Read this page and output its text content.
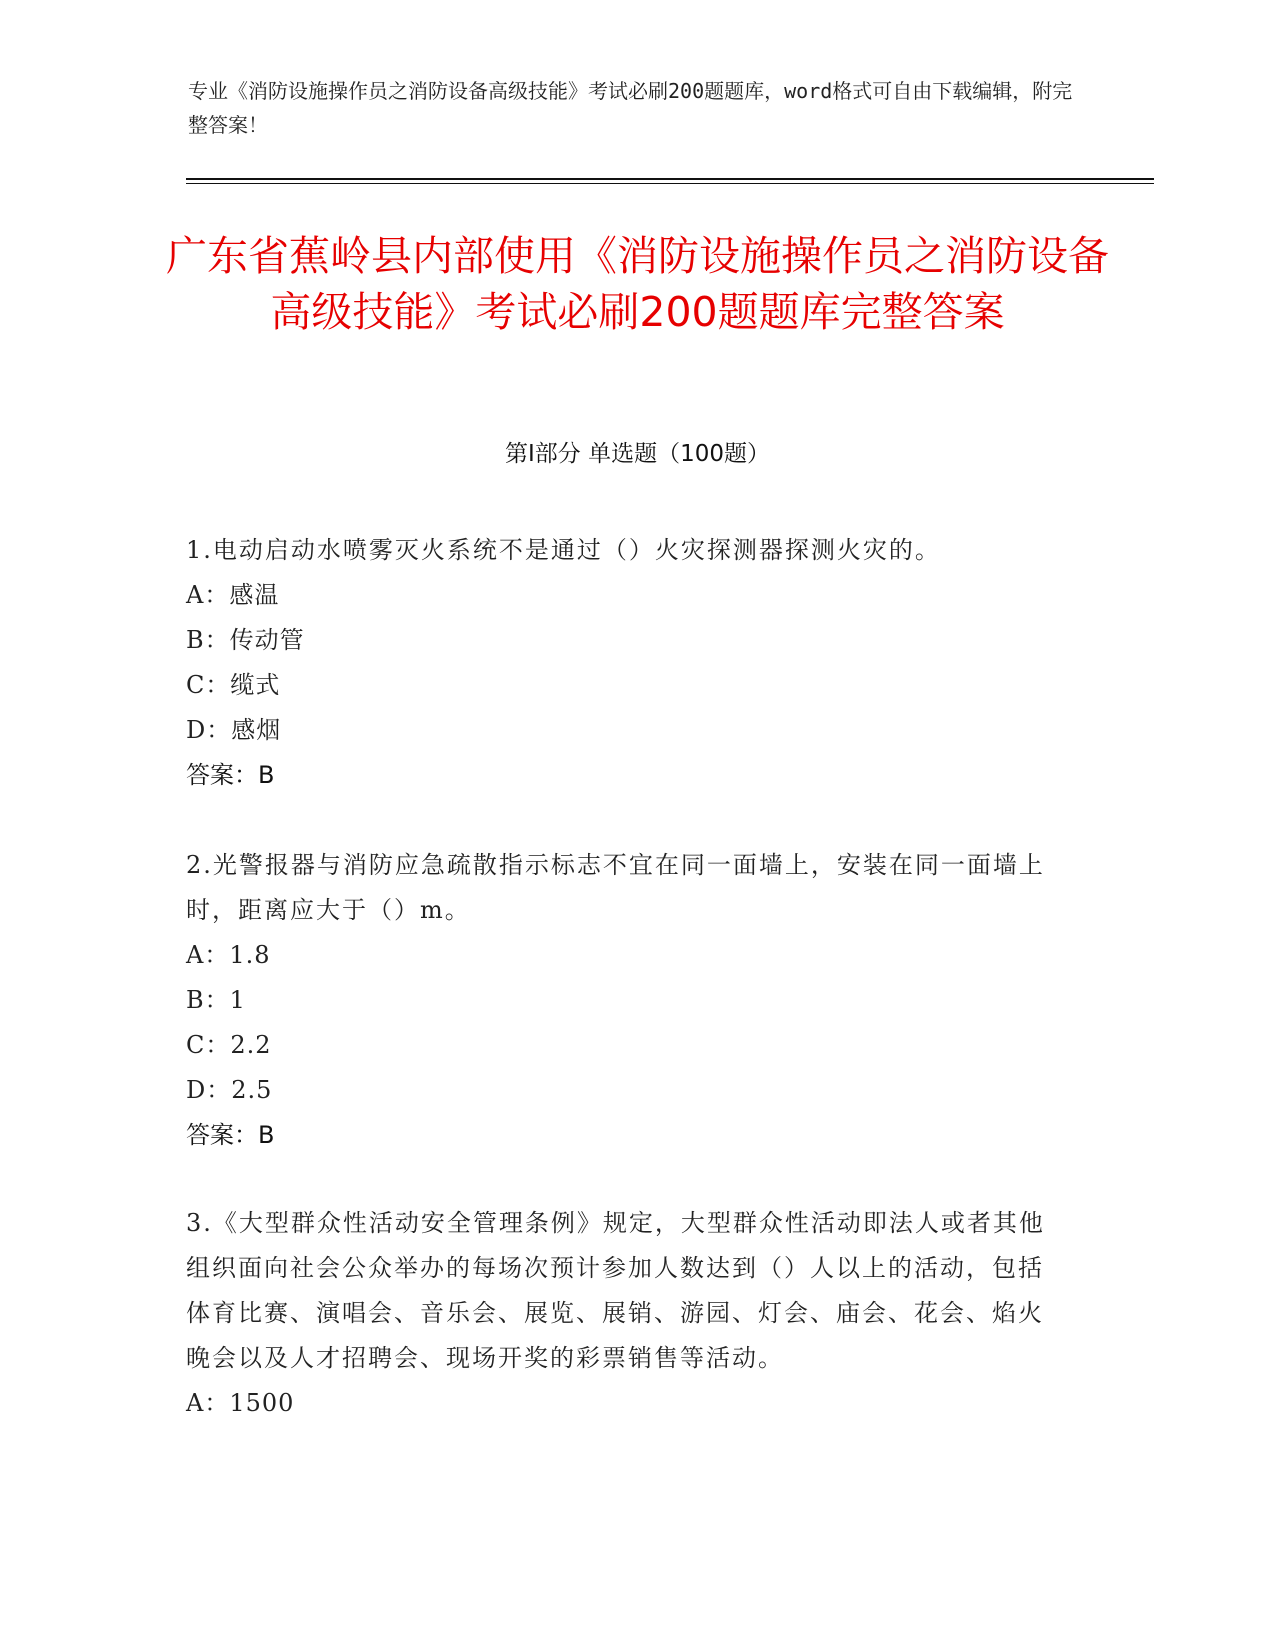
专业《消防设施操作员之消防设备高级技能》考试必刷200题题库，word格式可自由下载编辑，附完整答案！
广东省蕉岭县内部使用《消防设施操作员之消防设备高级技能》考试必刷200题题库完整答案
第I部分 单选题（100题）
1.电动启动水喷雾灭火系统不是通过（）火灾探测器探测火灾的。
A：感温
B：传动管
C：缆式
D：感烟
答案：B
2.光警报器与消防应急疏散指示标志不宜在同一面墙上，安装在同一面墙上时，距离应大于（）m。
A：1.8
B：1
C：2.2
D：2.5
答案：B
3.《大型群众性活动安全管理条例》规定，大型群众性活动即法人或者其他组织面向社会公众举办的每场次预计参加人数达到（）人以上的活动，包括体育比赛、演唱会、音乐会、展览、展销、游园、灯会、庙会、花会、焰火晚会以及人才招聘会、现场开奖的彩票销售等活动。
A：1500
